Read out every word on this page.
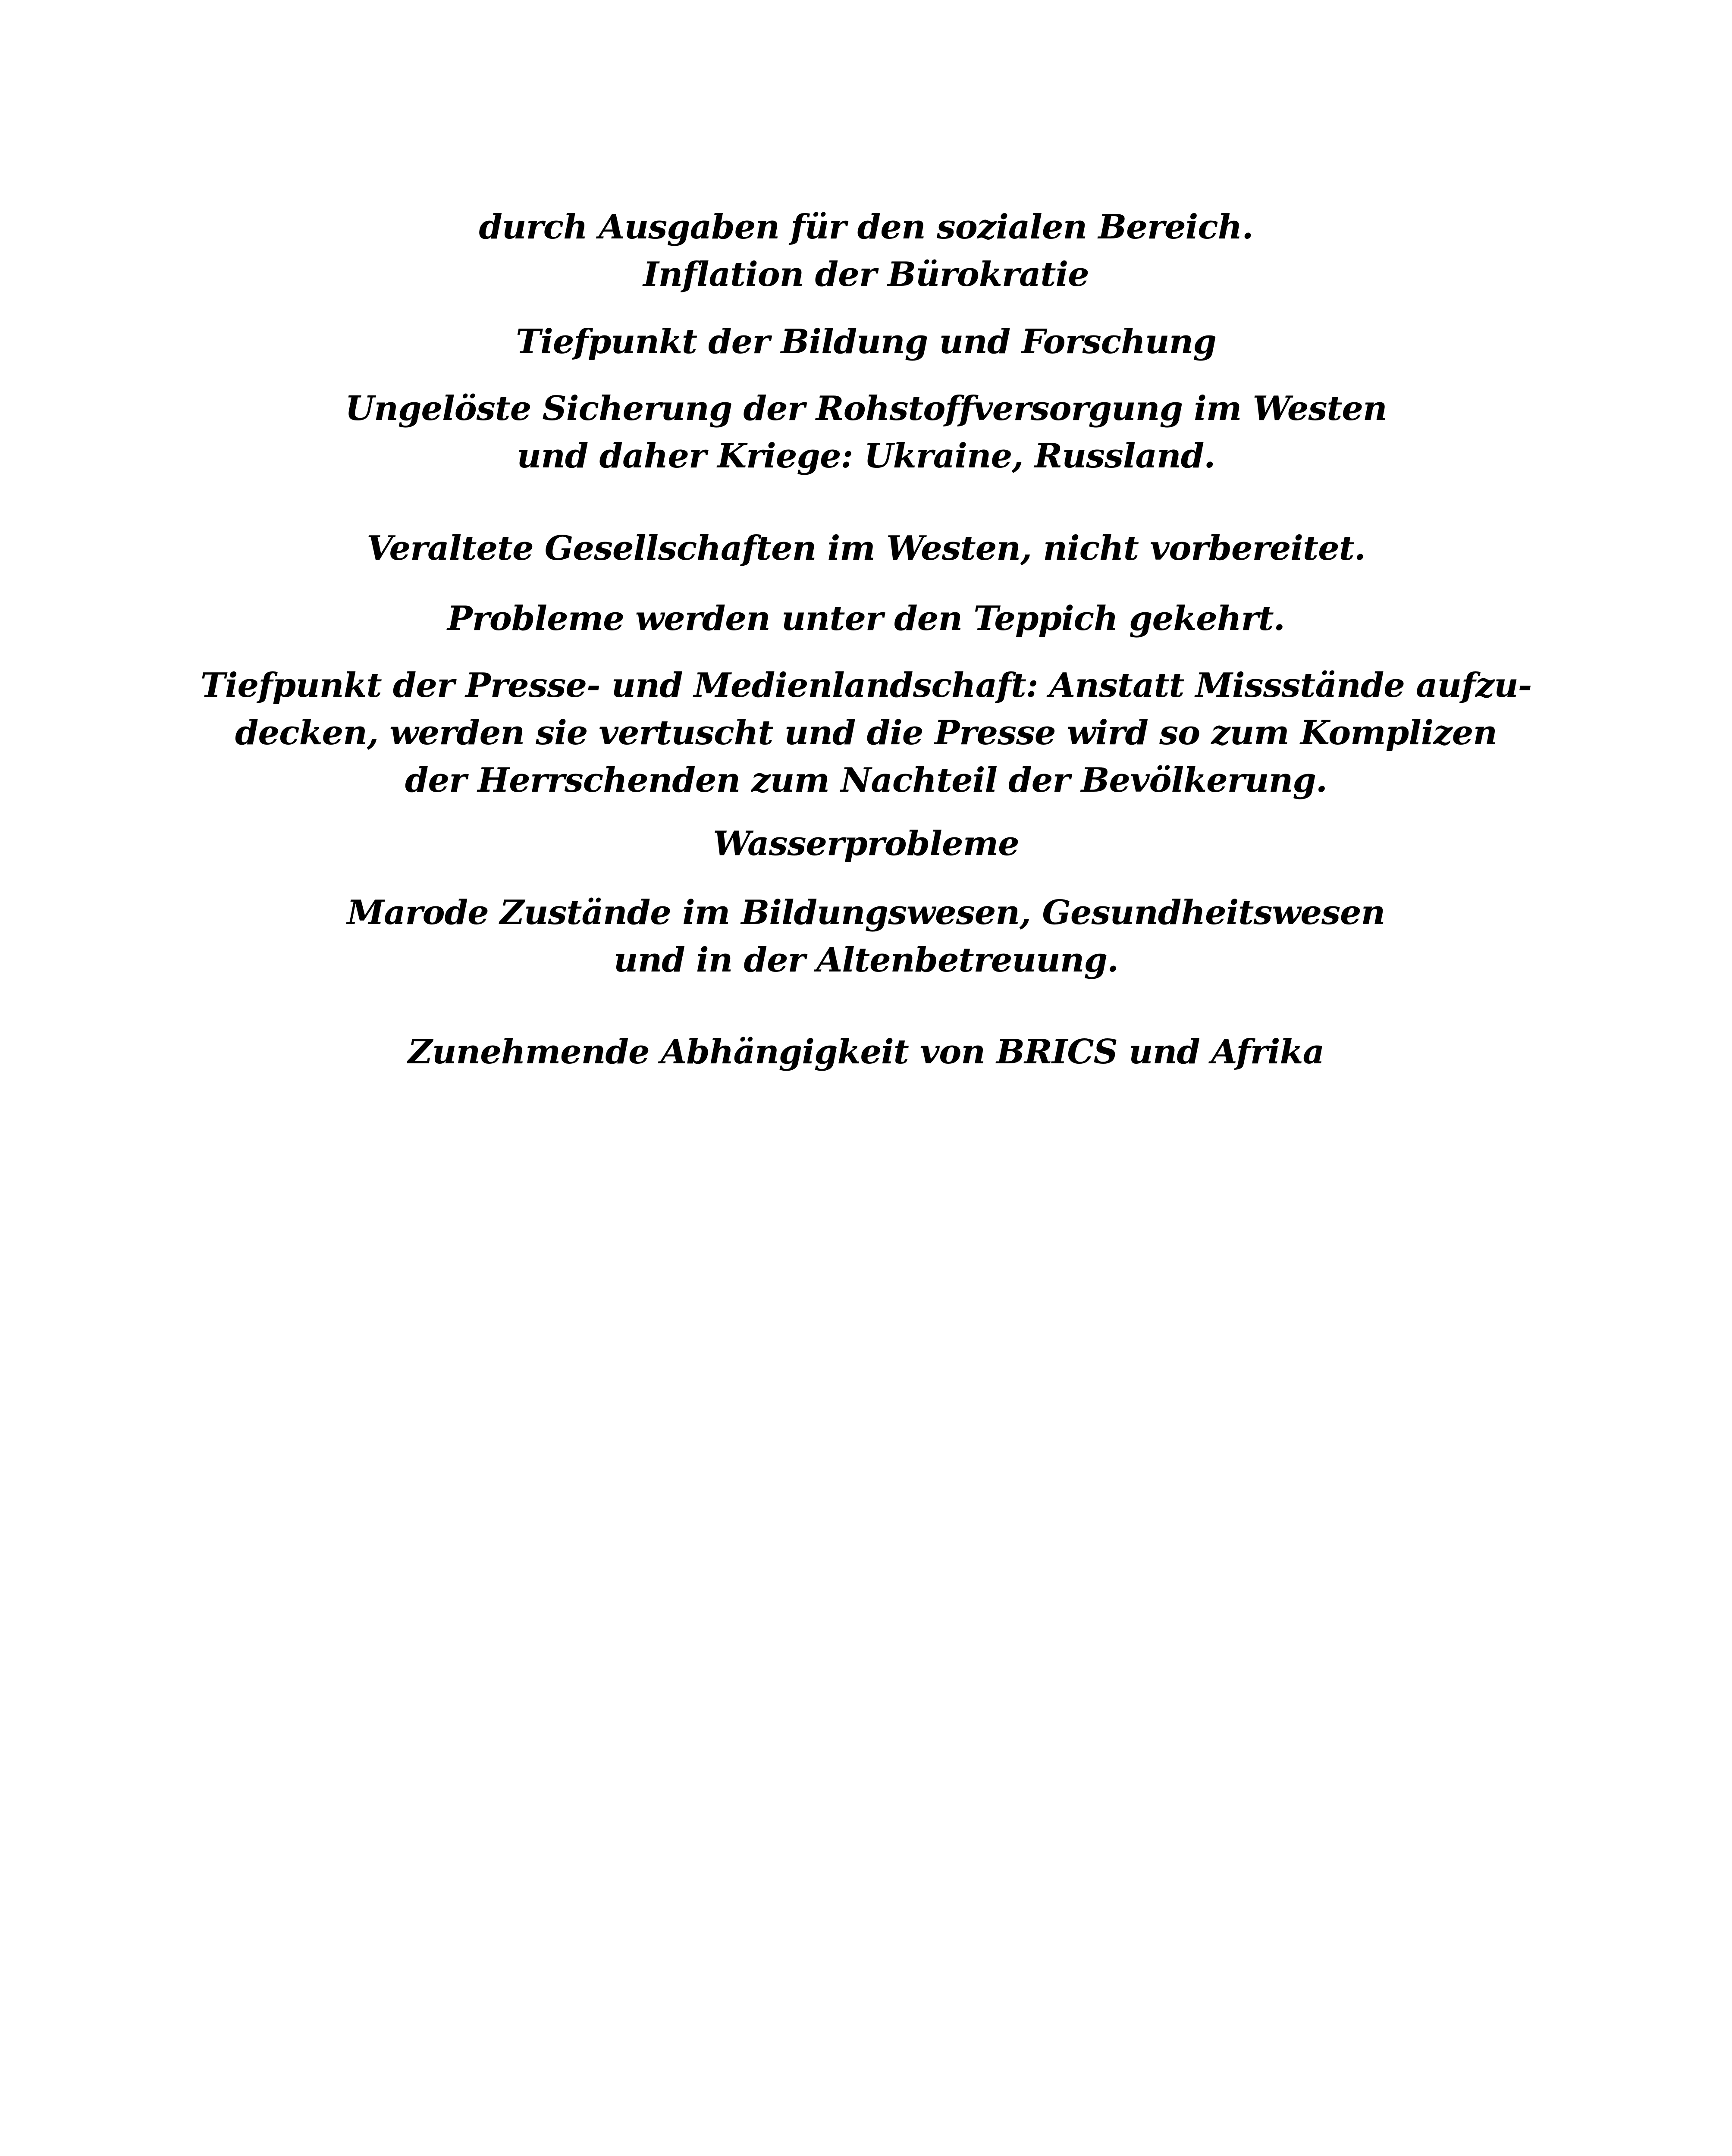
durch Ausgaben für den sozialen Bereich.
Inflation der Bürokratie
Tiefpunkt der Bildung und Forschung
Ungelöste Sicherung der Rohstoffversorgung im Westen
und daher Kriege: Ukraine, Russland.
Veraltete Gesellschaften im Westen, nicht vorbereitet.
Probleme werden unter den Teppich gekehrt.
Tiefpunkt der Presse- und Medienlandschaft: Anstatt Missstände aufzu-
decken, werden sie vertuscht und die Presse wird so zum Komplizen
der Herrschenden zum Nachteil der Bevölkerung.
Wasserprobleme
Marode Zustände im Bildungswesen, Gesundheitswesen
und in der Altenbetreuung.
Zunehmende Abhängigkeit von BRICS und Afrika
